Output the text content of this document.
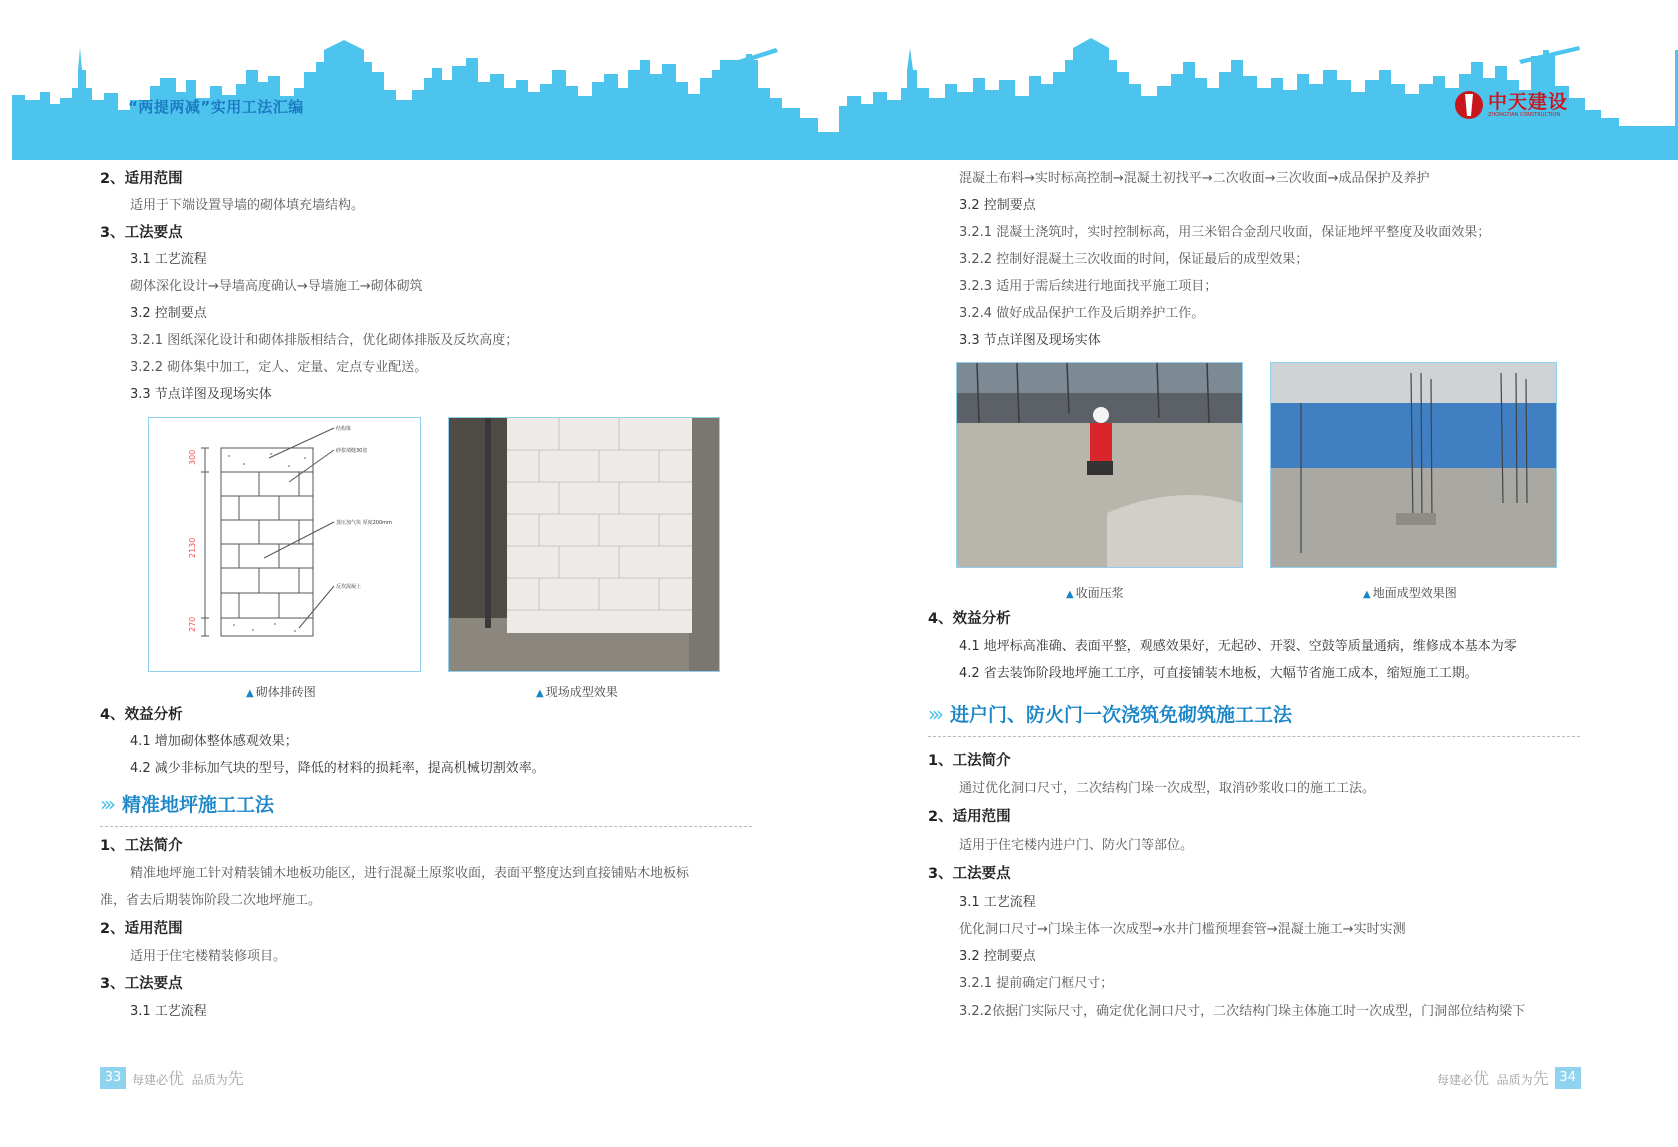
“两提两减”实用工法汇编
2、适用范围
适用于下端设置导墙的砌体填充墙结构。
3、工法要点
3.1 工艺流程
砌体深化设计→导墙高度确认→导墙施工→砌体砌筑
3.2 控制要点
3.2.1 图纸深化设计和砌体排版相结合，优化砌体排版及反坎高度；
3.2.2 砌体集中加工，定人、定量、定点专业配送。
3.3 节点详图及现场实体
300
2130
270
结构梁
砂浆填缝30宽
蒸压加气块 厚度200mm
反坎混凝土
▲ 砌体排砖图	▲ 现场成型效果
4、效益分析
4.1 增加砌体整体感观效果；
4.2 减少非标加气块的型号，降低的材料的损耗率，提高机械切割效率。
››› 精准地坪施工工法
1、工法简介
精准地坪施工针对精装铺木地板功能区，进行混凝土原浆收面，表面平整度达到直接铺贴木地板标
准，省去后期装饰阶段二次地坪施工。
2、适用范围
适用于住宅楼精装修项目。
3、工法要点
3.1 工艺流程
33 每建必优 品质为先
中天建设
ZHONGTIAN CONSTRUCTION
混凝土布料→实时标高控制→混凝土初找平→二次收面→三次收面→成品保护及养护
3.2 控制要点
3.2.1 混凝土浇筑时，实时控制标高，用三米铝合金刮尺收面，保证地坪平整度及收面效果；
3.2.2 控制好混凝土三次收面的时间，保证最后的成型效果；
3.2.3 适用于需后续进行地面找平施工项目；
3.2.4 做好成品保护工作及后期养护工作。
3.3 节点详图及现场实体
▲ 收面压浆	▲ 地面成型效果图
4、效益分析
4.1 地坪标高准确、表面平整，观感效果好，无起砂、开裂、空鼓等质量通病，维修成本基本为零
4.2 省去装饰阶段地坪施工工序，可直接铺装木地板，大幅节省施工成本，缩短施工工期。
››› 进户门、防火门一次浇筑免砌筑施工工法
1、工法简介
通过优化洞口尺寸，二次结构门垛一次成型，取消砂浆收口的施工工法。
2、适用范围
适用于住宅楼内进户门、防火门等部位。
3、工法要点
3.1 工艺流程
优化洞口尺寸→门垛主体一次成型→水井门槛预埋套管→混凝土施工→实时实测
3.2 控制要点
3.2.1 提前确定门框尺寸；
3.2.2依据门实际尺寸，确定优化洞口尺寸，二次结构门垛主体施工时一次成型，门洞部位结构梁下
每建必优 品质为先 34
